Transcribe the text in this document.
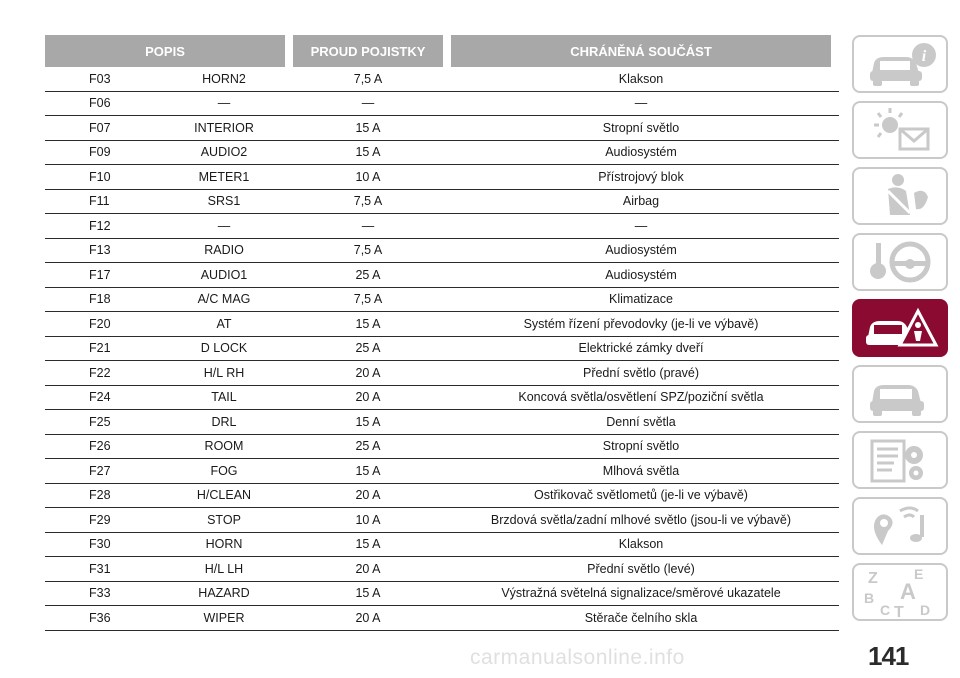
POPIS	PROUD POJISTKY	CHRÁNĚNÁ SOUČÁST
F03	HORN2	7,5 A	Klakson
F06	—	—	—
F07	INTERIOR	15 A	Stropní světlo
F09	AUDIO2	15 A	Audiosystém
F10	METER1	10 A	Přístrojový blok
F11	SRS1	7,5 A	Airbag
F12	—	—	—
F13	RADIO	7,5 A	Audiosystém
F17	AUDIO1	25 A	Audiosystém
F18	A/C MAG	7,5 A	Klimatizace
F20	AT	15 A	Systém řízení převodovky (je-li ve výbavě)
F21	D LOCK	25 A	Elektrické zámky dveří
F22	H/L RH	20 A	Přední světlo (pravé)
F24	TAIL	20 A	Koncová světla/osvětlení SPZ/poziční světla
F25	DRL	15 A	Denní světla
F26	ROOM	25 A	Stropní světlo
F27	FOG	15 A	Mlhová světla
F28	H/CLEAN	20 A	Ostřikovač světlometů (je-li ve výbavě)
F29	STOP	10 A	Brzdová světla/zadní mlhové světlo (jsou-li ve výbavě)
F30	HORN	15 A	Klakson
F31	H/L LH	20 A	Přední světlo (levé)
F33	HAZARD	15 A	Výstražná světelná signalizace/směrové ukazatele
F36	WIPER	20 A	Stěrače čelního skla
i
Z	E
B A
C T D
carmanualsonline.info	141
